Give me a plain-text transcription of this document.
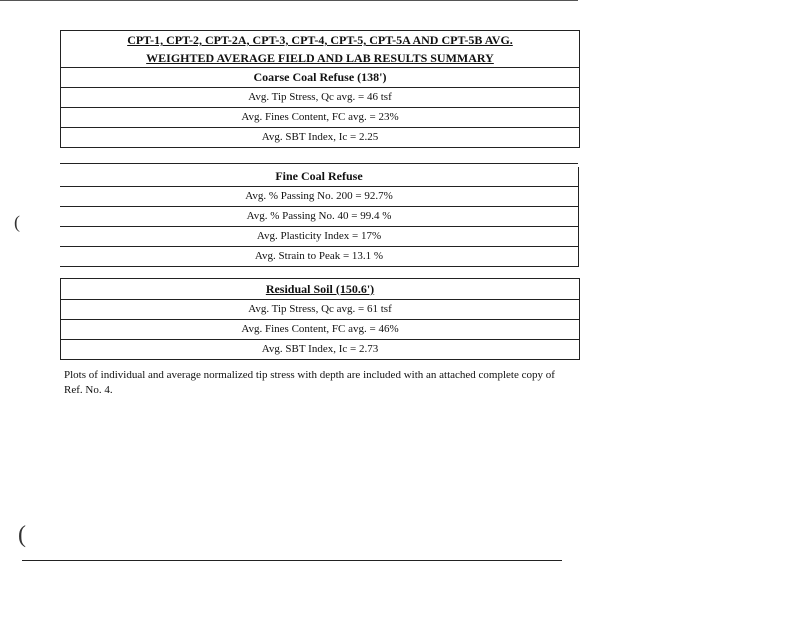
CPT-1, CPT-2, CPT-2A, CPT-3, CPT-4, CPT-5, CPT-5A AND CPT-5B AVG.
WEIGHTED AVERAGE FIELD AND LAB RESULTS SUMMARY
Coarse Coal Refuse (138')
Avg. Tip Stress, Qc avg. = 46 tsf
Avg. Fines Content, FC avg. = 23%
Avg. SBT Index, Ic = 2.25
Fine Coal Refuse
Avg. % Passing No. 200 = 92.7%
Avg. % Passing No. 40 = 99.4 %
Avg. Plasticity Index = 17%
Avg. Strain to Peak = 13.1 %
Residual Soil (150.6')
Avg. Tip Stress, Qc avg. = 61 tsf
Avg. Fines Content, FC avg. = 46%
Avg. SBT Index, Ic = 2.73
Plots of individual and average normalized tip stress with depth are included with an attached complete copy of Ref. No. 4.
(
(
